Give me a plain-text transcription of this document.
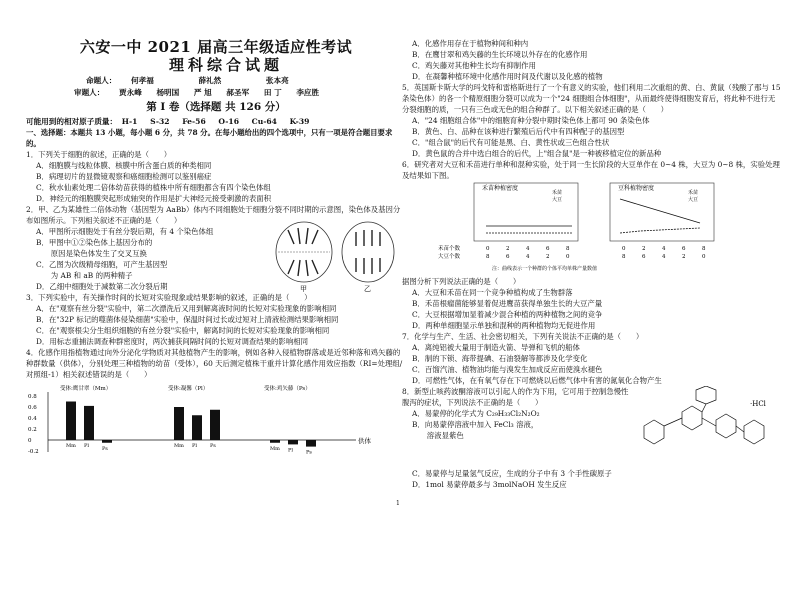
六安一中 2021 届高三年级适应性考试
理科综合试题
命题人： 何孝福	薛礼然	张本亮
审题人： 贾永峰 杨明国 严 旭 郝圣军 田 丁 李应胜
第 I 卷（选择题 共 126 分）
可能用到的相对原子质量： H-1 S-32 Fe-56 O-16 Cu-64 K-39

一、选择题：本题共 13 小题，每小题 6 分，共 78 分。在每小题给出的四个选项中，只有一项是符合题目要求的。

1．下列关于细胞的叙述，正确的是（　　）

A．细胞膜与线粒体膜、核膜中所含蛋白质的种类相同

B．病理切片的显微镜观察和癌细胞检测可以鉴别癌症

C．秋水仙素处理二倍体幼苗获得的植株中所有细胞都含有四个染色体组

D．神经元的细胞膜突起形成轴突的作用是扩大神经元接受刺激的表面积

2．甲、乙为某雄性二倍体动物（基因型为 AaBb）体内不同细胞处于细胞分裂不同时期的示意图，染色体及基因分布如图所示。下列相关叙述不正确的是（　　）

A．甲图所示细胞处于有丝分裂后期，有 4 个染色体组

B．甲图中①②染色体上基因分布的

　　原因是染色体发生了交叉互换

C．乙图为次级精母细胞，可产生基因型

　　为 AB 和 aB 的两种精子

D．乙细中细胞处于减数第二次分裂后期	甲	乙

3．下列实验中，有关操作时间的长短对实验现象或结果影响的叙述，正确的是（　　）

A．在"观察有丝分裂"实验中，第二次漂洗后又用到解离液时间的长短对实验现象的影响相同

B．在"32P 标记的噬菌体侵染细菌"实验中，保温时间过长或过短对上清液检测结果影响相同

C．在"观察根尖分生组织细胞的有丝分裂"实验中，解离时间的长短对实验现象的影响相同

D．用标志重捕法调查种群密度时，两次捕获间隔时间的长短对调查结果的影响相同

4．化感作用指植物通过向外分泌化学物质对其他植物产生的影响，例如各种入侵植物群落或是近邻种落和鸡矢藤的种群数量（供体），分别处理三种植物的幼苗（受体），60 天后测定植株干重并计算化感作用效应指数（RI=处理组/对照组-1）相关叙述错误的是（　　）

0.8
0.6
0.4
0.2
0
-0.2
受体:鹰甘翠（Mm）
Mm Pl	Ps
受体:凝馨（Pl）
Mm Pl	Ps
受体:鸡矢藤（Ps）
Mm Pl	Ps
供体

A．化感作用存在于植物种间和种内

B．在鹰甘翠和鸡矢藤的生长环境以外存在的化感作用

C．鸡矢藤对其他种生长均有抑制作用

D．在凝馨种植环境中化感作用时间及代谢以及化感的植物

5．英国斯卡斯大学的玛戈特和雷格斯进行了一个有意义的实验，他们利用二次重组的黄、白、黄鼠（残酸了那与 15 条染色体）的各一个精原细胞分裂可以成为一个"24 细胞组合体细胞"，从而最终使得细胞发育后，将此种不进行无分裂细胞的质，一只有三色或无色的组合种群了。以下相关叙述正确的是（　　）

A．"24 细胞组合体"中的细胞育种分裂中期时染色体上都可 90 条染色体

B．黄色、白、品种在该种进行繁殖后后代中有四种配子的基因型

C．"组合鼠"的后代有可能是黑、白、黄性状或三色组合性状

D．黄色鼠的合并中选白组合的后代，上"组合鼠"是一种被移植定位的新品种

6．研究者对大豆和禾苗进行单种和混种实验，处于同一生长阶段的大豆单作在 0~4 株，大豆为 0~8 株，实验处理及结果如下图。

禾苗种植密度	豆科植物密度
禾苗
大豆
禾苗
大豆
禾苗个数
大豆个数
0
8
2
6
4
4
6
2
8
0
0
8
2
6
4
4
6
2
8
0
注：曲线表示一个种群的个体平均单株产量数值

据图分析下列说法正确的是（　　）

A．大豆和禾苗在同一个竞争种植构成了生物群落

B．禾苗根瘤菌能够显着促进鹰苗获得单独生长的大豆产量

C．大豆根据增加显着减少混合种植的两种植物之间的竞争

D．两种单细胞显示单独和混种的两种植物均无促进作用

7．化学与生产、生活、社会密切相关，下列有关说法不正确的是（　　）

A．离纯铝被大量用于制造火箭、导弹和飞机的船体

B．制的下锁、海带提碘、石油裂解等都涉及化学变化

C．百馏汽油、植物油均能与溴发生加成反应而使溴水褪色

D．可燃性气体，在有氧气存在下可燃烧以后燃气体中有害的氮氧化合物产生

8．新型止咳药波酮溶液可以引起人的作为下用，它可用于控制急慢性腹泻的症状，下列说法不正确的是（　　）

A．易蒙停的化学式为 C₂₉H₃₃Cl₂N₂O₂

B．向易蒙停溶液中加入 FeCl₃ 溶液，

　　溶液显紫色

·HCl

C．易蒙停与足量氢气反应，生成的分子中有 3 个手性碳原子

D．1mol 易蒙停最多与 3molNaOH 发生反应

1
